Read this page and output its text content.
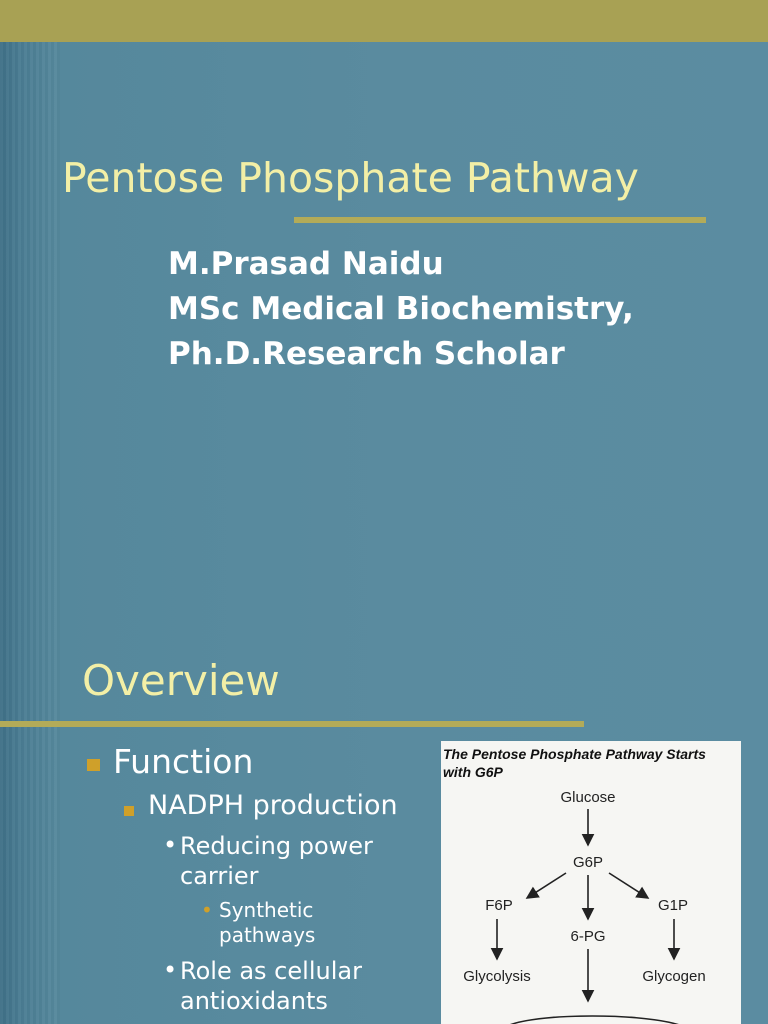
Pentose Phosphate Pathway
M.Prasad Naidu
MSc Medical Biochemistry,
Ph.D.Research Scholar
Overview
Function
NADPH production
• Reducing power
carrier
• Synthetic
pathways
• Role as cellular
antioxidants
The Pentose Phosphate Pathway Starts
with G6P
Glucose
G6P
F6P	G1P
6-PG
Glycolysis	Glycogen
